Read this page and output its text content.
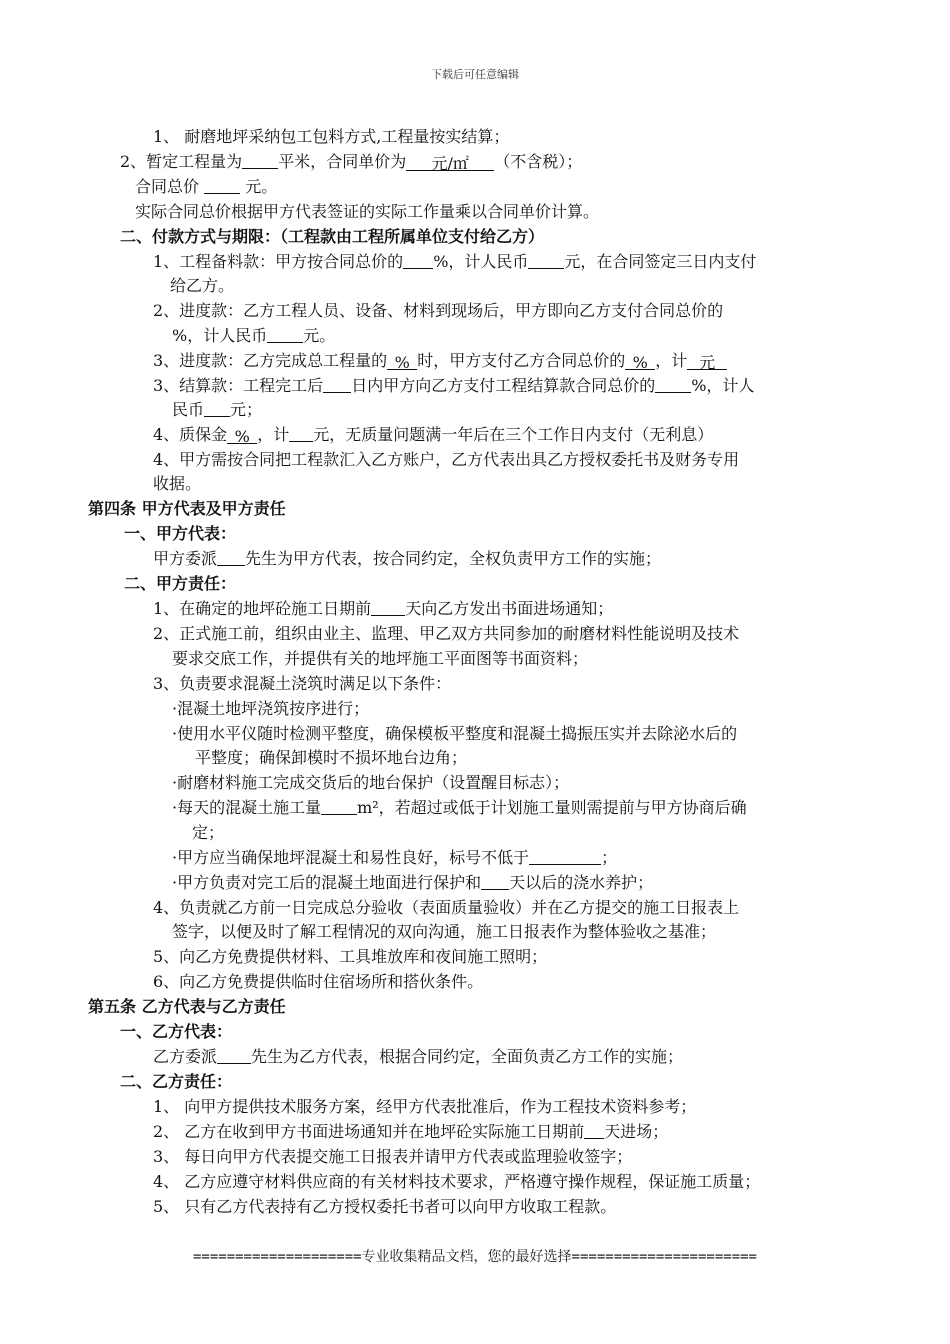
下载后可任意编辑
1、 耐磨地坪采纳包工包料方式,工程量按实结算；
2、暂定工程量为 平米，合同单价为 元/㎡ （不含税）；
合同总价	元。
实际合同总价根据甲方代表签证的实际工作量乘以合同单价计算。
二、付款方式与期限：（工程款由工程所属单位支付给乙方）
1、工程备料款：甲方按合同总价的 %，计人民币 元，在合同签定三日内支付
给乙方。
2、进度款：乙方工程人员、设备、材料到现场后，甲方即向乙方支付合同总价的
%，计人民币 元。
3、进度款：乙方完成总工程量的 % 时，甲方支付乙方合同总价的 % ，计 元
3、结算款：工程完工后 日内甲方向乙方支付工程结算款合同总价的 %，计人
民币 元；
4、质保金 % ，计 元，无质量问题满一年后在三个工作日内支付（无利息）
4、甲方需按合同把工程款汇入乙方账户，乙方代表出具乙方授权委托书及财务专用
收据。
第四条 甲方代表及甲方责任
一、甲方代表：
甲方委派 先生为甲方代表，按合同约定，全权负责甲方工作的实施；
二、甲方责任：
1、在确定的地坪砼施工日期前 天向乙方发出书面进场通知；
2、正式施工前，组织由业主、监理、甲乙双方共同参加的耐磨材料性能说明及技术
要求交底工作，并提供有关的地坪施工平面图等书面资料；
3、负责要求混凝土浇筑时满足以下条件：
·混凝土地坪浇筑按序进行；
·使用水平仪随时检测平整度，确保模板平整度和混凝土捣振压实并去除泌水后的
平整度；确保卸模时不损坏地台边角；
·耐磨材料施工完成交货后的地台保护（设置醒目标志）；
·每天的混凝土施工量 m²，若超过或低于计划施工量则需提前与甲方协商后确
定；
·甲方应当确保地坪混凝土和易性良好，标号不低于	；
·甲方负责对完工后的混凝土地面进行保护和 天以后的浇水养护；
4、负责就乙方前一日完成总分验收（表面质量验收）并在乙方提交的施工日报表上
签字，以便及时了解工程情况的双向沟通，施工日报表作为整体验收之基准；
5、向乙方免费提供材料、工具堆放库和夜间施工照明；
6、向乙方免费提供临时住宿场所和搭伙条件。
第五条 乙方代表与乙方责任
一、乙方代表：
乙方委派 先生为乙方代表，根据合同约定，全面负责乙方工作的实施；
二、乙方责任：
1、 向甲方提供技术服务方案，经甲方代表批准后，作为工程技术资料参考；
2、 乙方在收到甲方书面进场通知并在地坪砼实际施工日期前 天进场；
3、 每日向甲方代表提交施工日报表并请甲方代表或监理验收签字；
4、 乙方应遵守材料供应商的有关材料技术要求，严格遵守操作规程，保证施工质量；
5、 只有乙方代表持有乙方授权委托书者可以向甲方收取工程款。
====================专业收集精品文档，您的最好选择======================
